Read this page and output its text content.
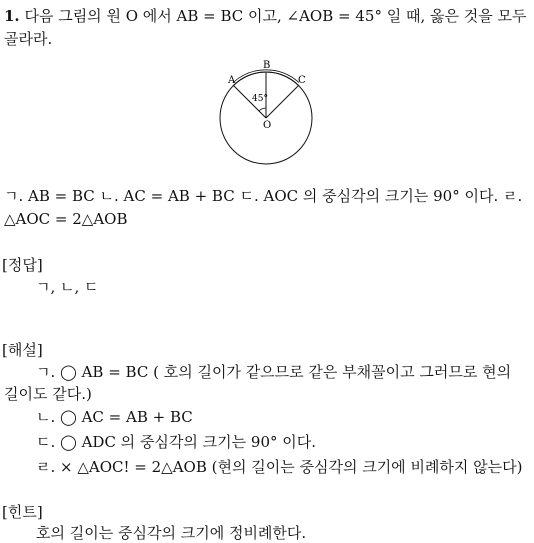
1. 다음 그림의 원 O 에서 AB = BC 이고, ∠AOB = 45° 일 때, 옳은 것을 모두
골라라.
A
B
C
O
45°
ㄱ. AB = BC ㄴ. AC = AB + BC ㄷ. AOC 의 중심각의 크기는 90° 이다. ㄹ.
△AOC = 2△AOB
[정답]
ㄱ, ㄴ, ㄷ
[해설]
ㄱ. ◯ AB = BC ( 호의 길이가 같으므로 같은 부채꼴이고 그러므로 현의
길이도 같다.)
ㄴ. ◯ AC = AB + BC
ㄷ. ◯ ADC 의 중심각의 크기는 90° 이다.
ㄹ. × △AOC! = 2△AOB (현의 길이는 중심각의 크기에 비례하지 않는다)
[힌트]
호의 길이는 중심각의 크기에 정비례한다.
